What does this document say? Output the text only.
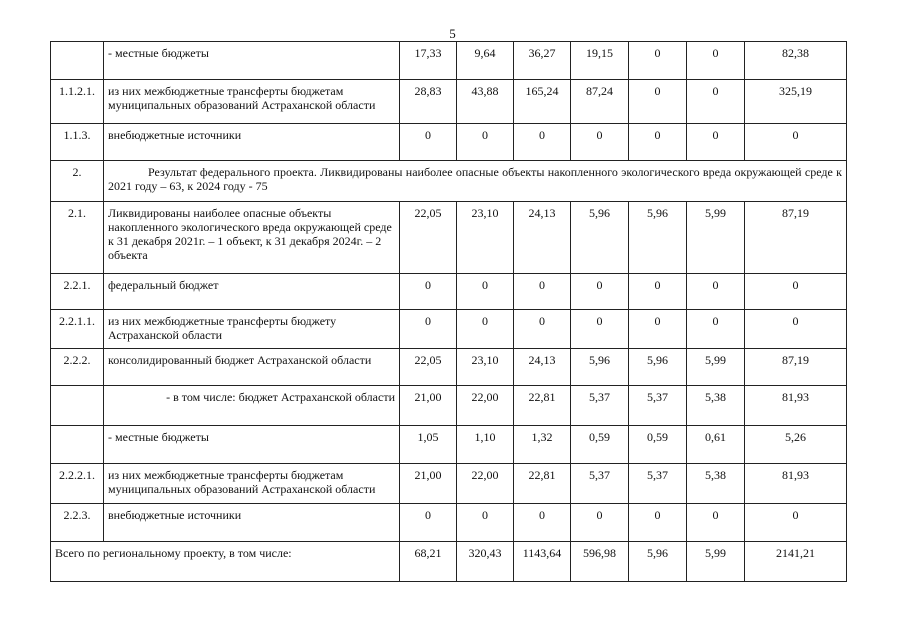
5
	- местные бюджеты	17,33	9,64	36,27	19,15	0	0	82,38
1.1.2.1.	из них межбюджетные трансферты бюджетам муниципальных образований Астраханской области	28,83	43,88	165,24	87,24	0	0	325,19
1.1.3.	внебюджетные источники	0	0	0	0	0	0	0
2.	Результат федерального проекта. Ликвидированы наиболее опасные объекты накопленного экологического вреда окружающей среде к 2021 году – 63, к 2024 году - 75							
2.1.	Ликвидированы наиболее опасные объекты накопленного экологического вреда окружающей среде к 31 декабря 2021г. – 1 объект, к 31 декабря 2024г. – 2 объекта	22,05	23,10	24,13	5,96	5,96	5,99	87,19
2.2.1.	федеральный бюджет	0	0	0	0	0	0	0
2.2.1.1.	из них межбюджетные трансферты бюджету Астраханской области	0	0	0	0	0	0	0
2.2.2.	консолидированный бюджет Астраханской области	22,05	23,10	24,13	5,96	5,96	5,99	87,19
	- в том числе: бюджет Астраханской области	21,00	22,00	22,81	5,37	5,37	5,38	81,93
	- местные бюджеты	1,05	1,10	1,32	0,59	0,59	0,61	5,26
2.2.2.1.	из них межбюджетные трансферты бюджетам муниципальных образований Астраханской области	21,00	22,00	22,81	5,37	5,37	5,38	81,93
2.2.3.	внебюджетные источники	0	0	0	0	0	0	0
Всего по региональному проекту, в том числе:		68,21	320,43	1143,64	596,98	5,96	5,99	2141,21
